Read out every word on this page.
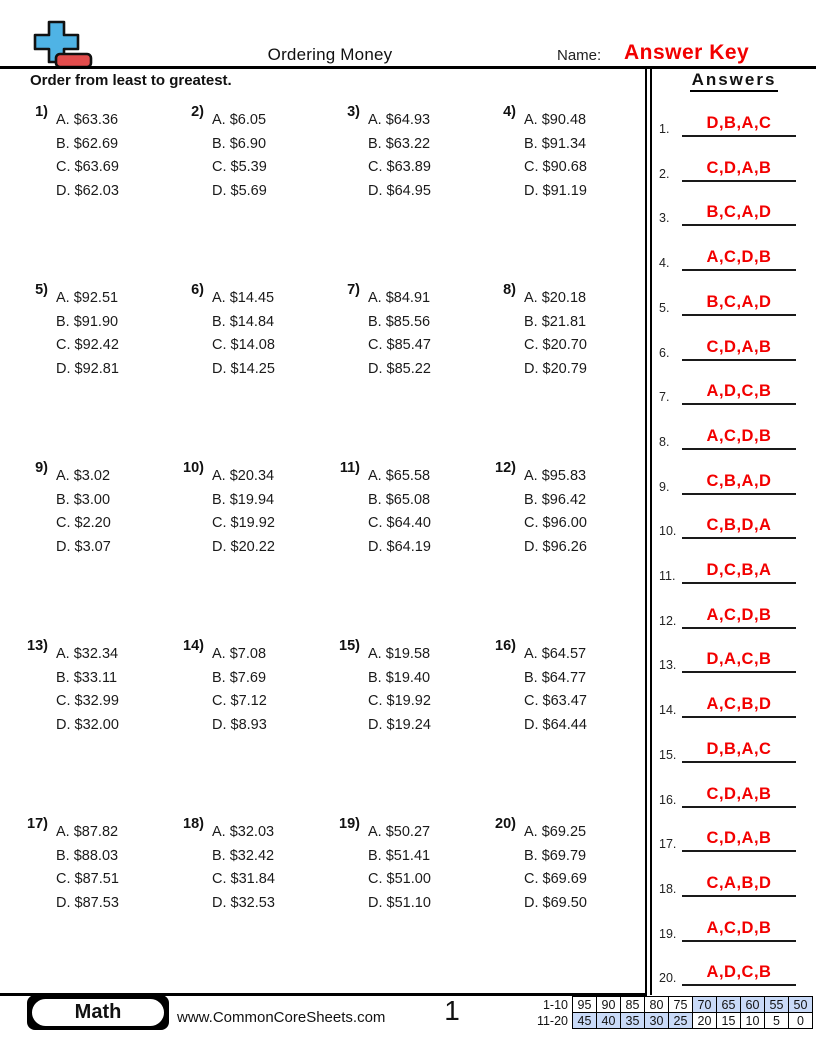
Ordering Money	Name: Answer Key
Order from least to greatest.
1) A. $63.36
B. $62.69
C. $63.69
D. $62.03
2) A. $6.05
B. $6.90
C. $5.39
D. $5.69
3) A. $64.93
B. $63.22
C. $63.89
D. $64.95
4) A. $90.48
B. $91.34
C. $90.68
D. $91.19
5) A. $92.51
B. $91.90
C. $92.42
D. $92.81
6) A. $14.45
B. $14.84
C. $14.08
D. $14.25
7) A. $84.91
B. $85.56
C. $85.47
D. $85.22
8) A. $20.18
B. $21.81
C. $20.70
D. $20.79
9) A. $3.02
B. $3.00
C. $2.20
D. $3.07
10) A. $20.34
B. $19.94
C. $19.92
D. $20.22
11) A. $65.58
B. $65.08
C. $64.40
D. $64.19
12) A. $95.83
B. $96.42
C. $96.00
D. $96.26
13) A. $32.34
B. $33.11
C. $32.99
D. $32.00
14) A. $7.08
B. $7.69
C. $7.12
D. $8.93
15) A. $19.58
B. $19.40
C. $19.92
D. $19.24
16) A. $64.57
B. $64.77
C. $63.47
D. $64.44
17) A. $87.82
B. $88.03
C. $87.51
D. $87.53
18) A. $32.03
B. $32.42
C. $31.84
D. $32.53
19) A. $50.27
B. $51.41
C. $51.00
D. $51.10
20) A. $69.25
B. $69.79
C. $69.69
D. $69.50
Answers
1.	D,B,A,C
2.	C,D,A,B
3.	B,C,A,D
4.	A,C,D,B
5.	B,C,A,D
6.	C,D,A,B
7.	A,D,C,B
8.	A,C,D,B
9.	C,B,A,D
10.	C,B,D,A
11.	D,C,B,A
12.	A,C,D,B
13.	D,A,C,B
14.	A,C,B,D
15.	D,B,A,C
16.	C,D,A,B
17.	C,D,A,B
18.	C,A,B,D
19.	A,C,D,B
20.	A,D,C,B
Math	www.CommonCoreSheets.com 1	1-10	95	90	85	80	75	70	65	60	55	50
11-20	45	40	35	30	25	20	15	10	5	0
